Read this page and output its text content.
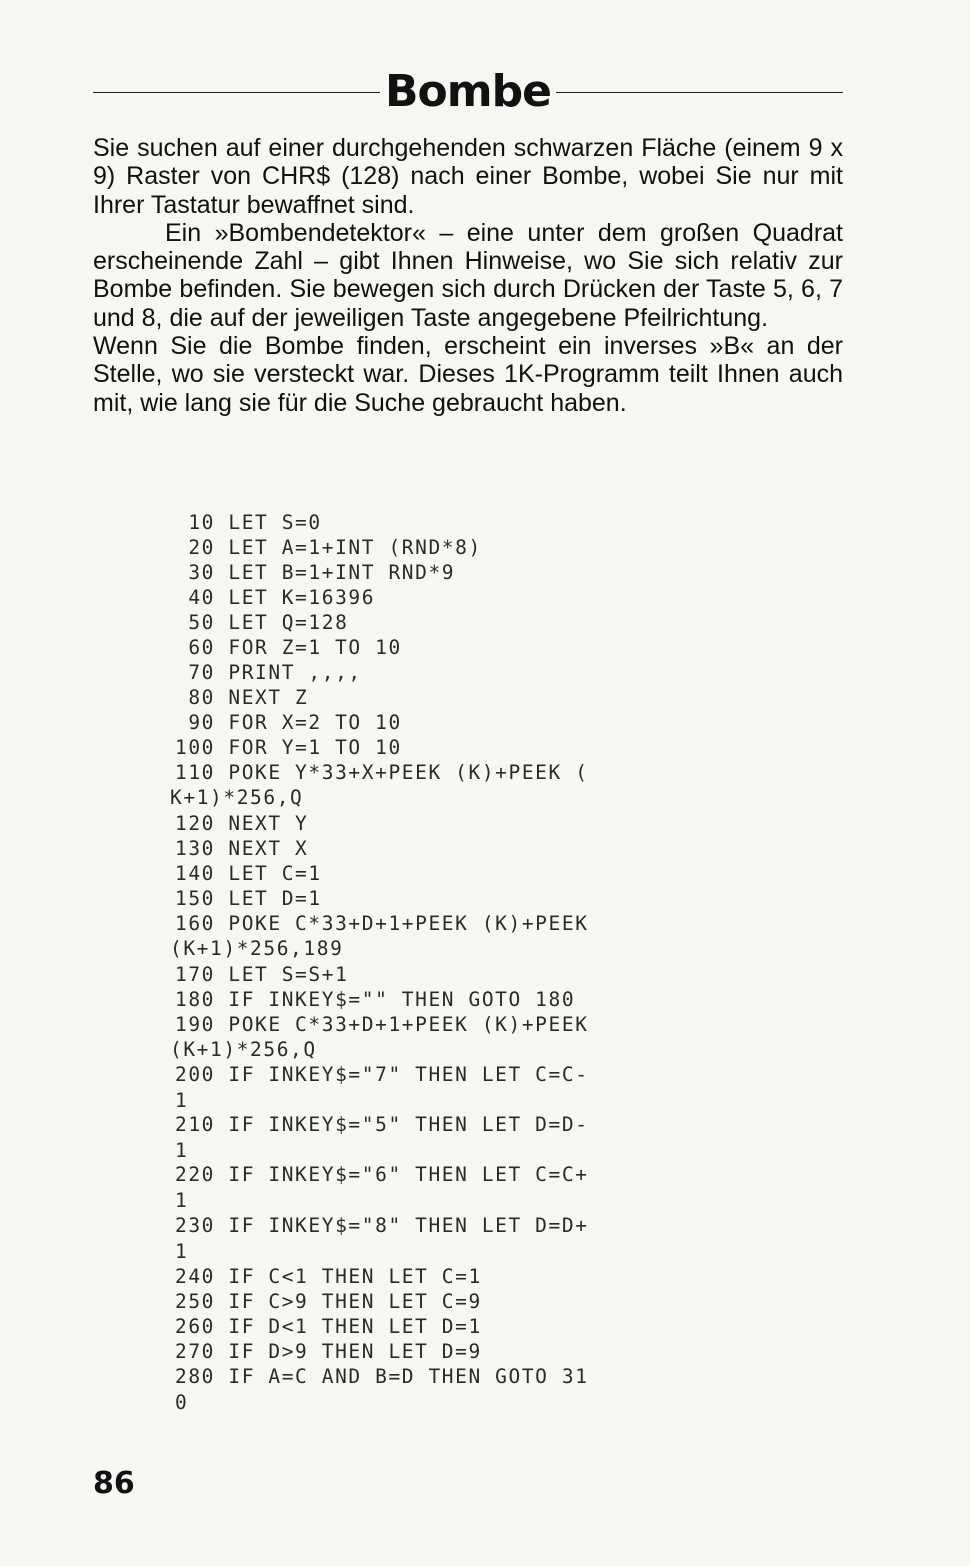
Bombe

Sie suchen auf einer durchgehenden schwarzen Fläche (einem 9 x 9) Raster von CHR$ (128) nach einer Bombe, wobei Sie nur mit Ihrer Tastatur bewaffnet sind.

Ein »Bombendetektor« – eine unter dem großen Quadrat erscheinende Zahl – gibt Ihnen Hinweise, wo Sie sich relativ zur Bombe befinden. Sie bewegen sich durch Drücken der Taste 5, 6, 7 und 8, die auf der jeweiligen Taste angegebene Pfeilrichtung.

Wenn Sie die Bombe finden, erscheint ein inverses »B« an der Stelle, wo sie versteckt war. Dieses 1K-Programm teilt Ihnen auch mit, wie lang sie für die Suche gebraucht haben.

10 LET S=0
20 LET A=1+INT (RND*8)
30 LET B=1+INT RND*9
40 LET K=16396
50 LET Q=128
60 FOR Z=1 TO 10
70 PRINT ,,,,
80 NEXT Z
90 FOR X=2 TO 10
100 FOR Y=1 TO 10
110 POKE Y*33+X+PEEK (K)+PEEK (
K+1)*256,Q
120 NEXT Y
130 NEXT X
140 LET C=1
150 LET D=1
160 POKE C*33+D+1+PEEK (K)+PEEK
(K+1)*256,189
170 LET S=S+1
180 IF INKEY$="" THEN GOTO 180
190 POKE C*33+D+1+PEEK (K)+PEEK
(K+1)*256,Q
200 IF INKEY$="7" THEN LET C=C-
1
210 IF INKEY$="5" THEN LET D=D-
1
220 IF INKEY$="6" THEN LET C=C+
1
230 IF INKEY$="8" THEN LET D=D+
1
240 IF C<1 THEN LET C=1
250 IF C>9 THEN LET C=9
260 IF D<1 THEN LET D=1
270 IF D>9 THEN LET D=9
280 IF A=C AND B=D THEN GOTO 31
0
86
